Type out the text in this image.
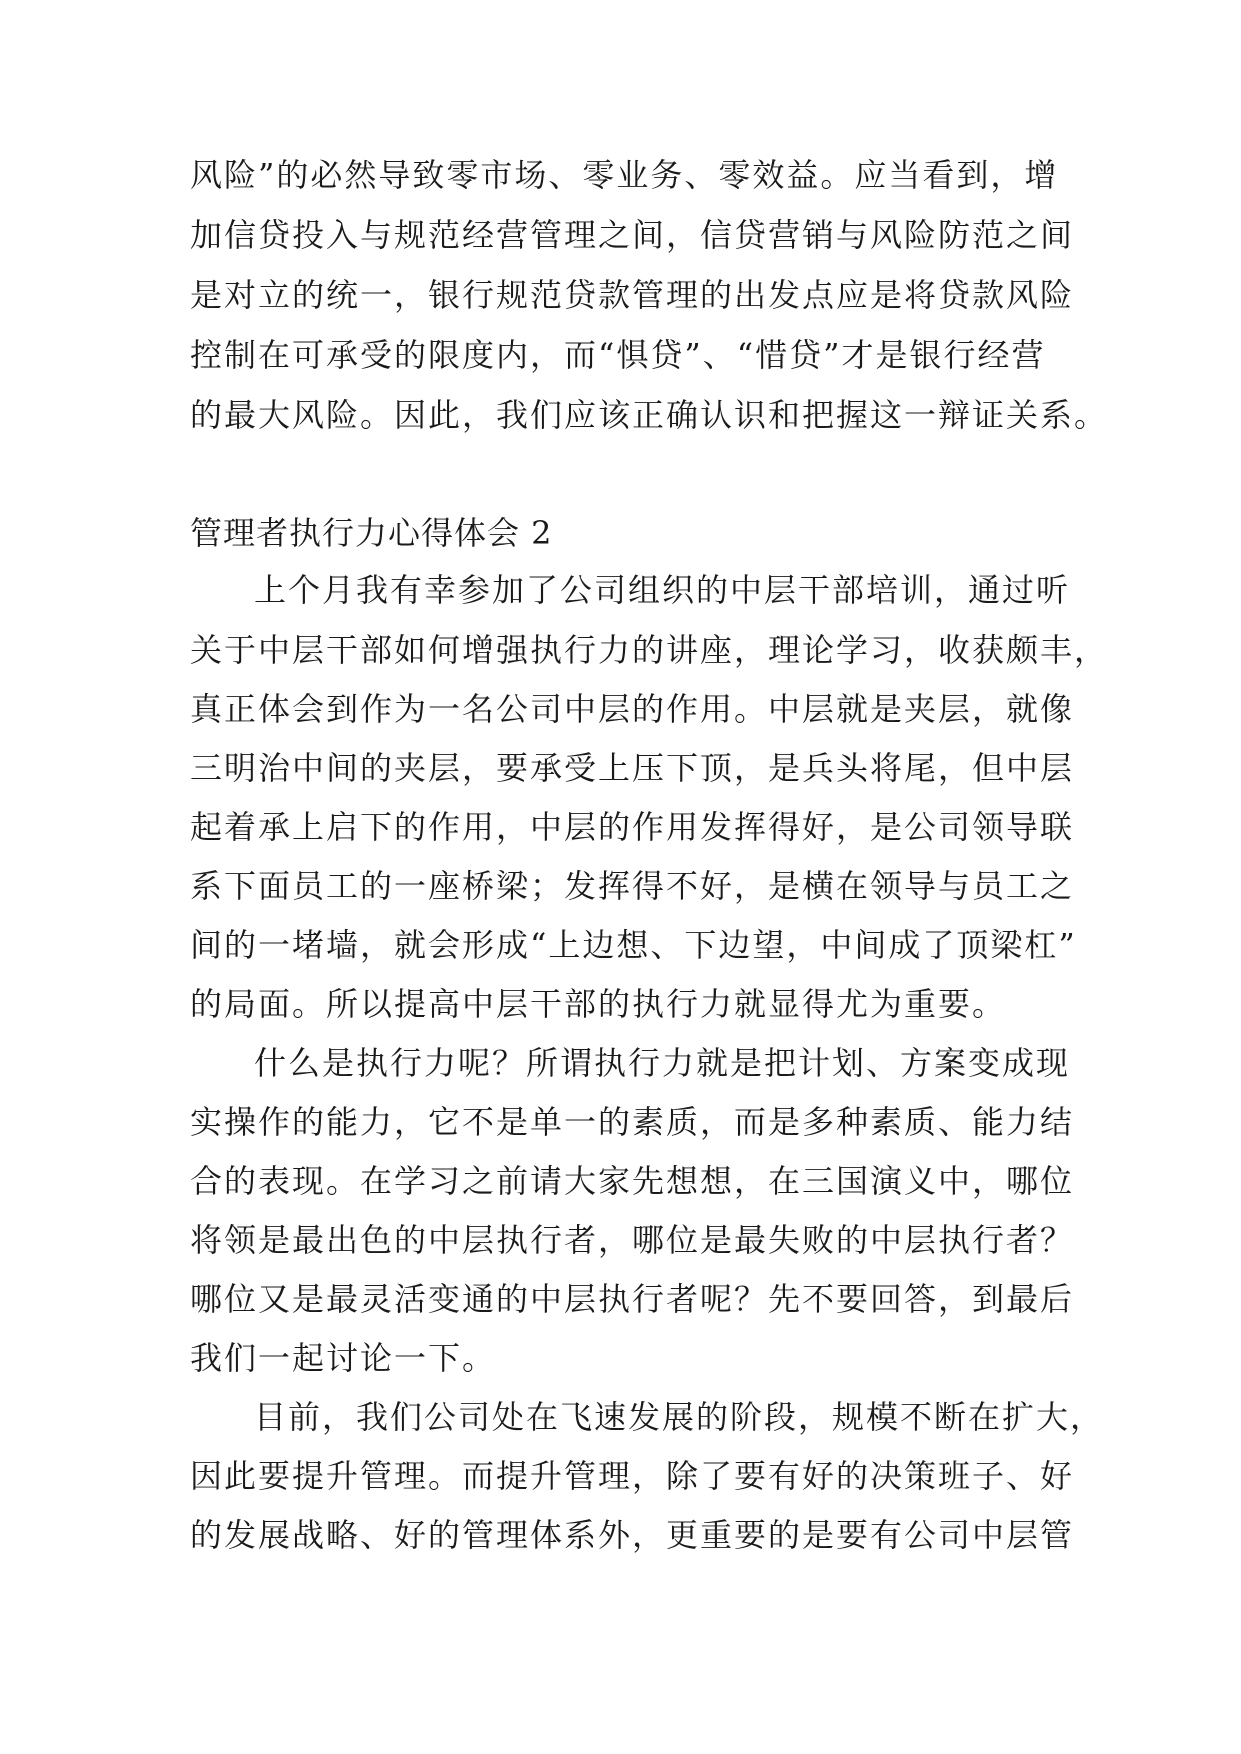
风险”的必然导致零市场、零业务、零效益。应当看到，增
加信贷投入与规范经营管理之间，信贷营销与风险防范之间
是对立的统一，银行规范贷款管理的出发点应是将贷款风险
控制在可承受的限度内，而“惧贷”、“惜贷”才是银行经营
的最大风险。因此，我们应该正确认识和把握这一辩证关系。
管理者执行力心得体会 2
上个月我有幸参加了公司组织的中层干部培训，通过听
关于中层干部如何增强执行力的讲座，理论学习，收获颇丰，
真正体会到作为一名公司中层的作用。中层就是夹层，就像
三明治中间的夹层，要承受上压下顶，是兵头将尾，但中层
起着承上启下的作用，中层的作用发挥得好，是公司领导联
系下面员工的一座桥梁；发挥得不好，是横在领导与员工之
间的一堵墙，就会形成“上边想、下边望，中间成了顶梁杠”
的局面。所以提高中层干部的执行力就显得尤为重要。
什么是执行力呢？所谓执行力就是把计划、方案变成现
实操作的能力，它不是单一的素质，而是多种素质、能力结
合的表现。在学习之前请大家先想想，在三国演义中，哪位
将领是最出色的中层执行者，哪位是最失败的中层执行者？
哪位又是最灵活变通的中层执行者呢？先不要回答，到最后
我们一起讨论一下。
目前，我们公司处在飞速发展的阶段，规模不断在扩大，
因此要提升管理。而提升管理，除了要有好的决策班子、好
的发展战略、好的管理体系外，更重要的是要有公司中层管
